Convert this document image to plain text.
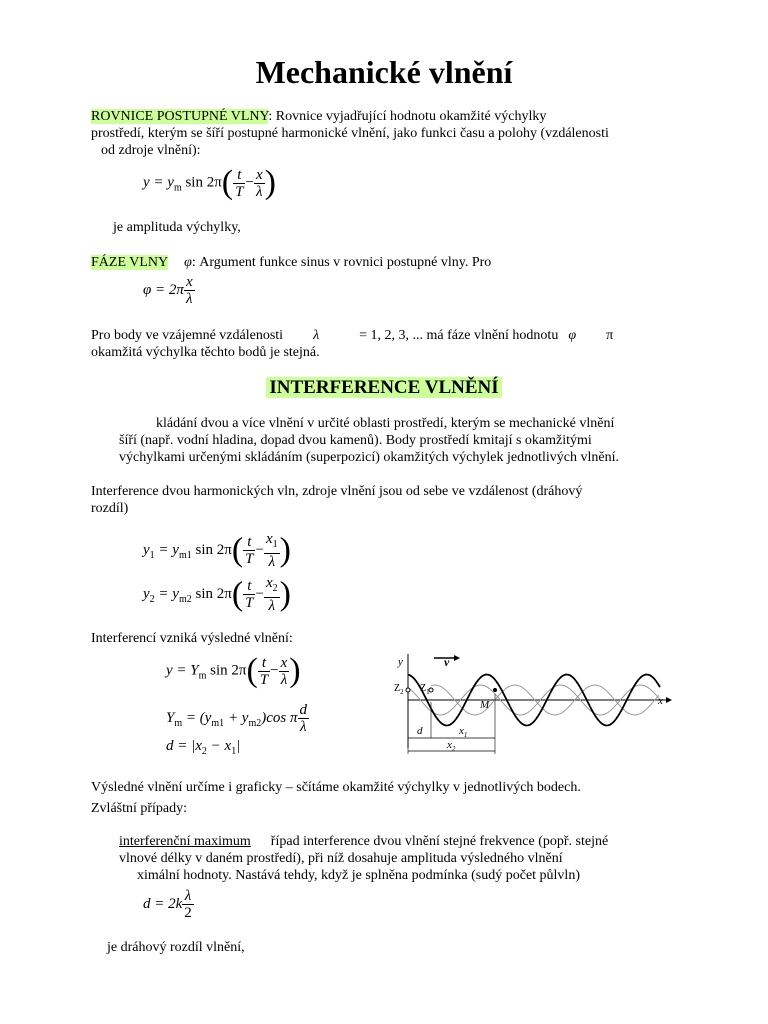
Mechanické vlnění
ROVNICE POSTUPNÉ VLNY: Rovnice vyjadřující hodnotu okamžité výchylky
prostředí, kterým se šíří postupné harmonické vlnění, jako funkci času a polohy (vzdálenosti
od zdroje vlnění):
$y = y_m$ $\sin 2\pi( \frac{t}{T} - \frac{x}{\lambda}$ )
je amplituda výchylky,
FÁZE VLNY φ: Argument funkce sinus v rovnici postupné vlny. Pro
$\varphi = 2\pi \frac{x}{\lambda}$
Pro body ve vzájemné vzdálenosti λ	= 1, 2, 3, ... má fáze vlnění hodnotu φ π
okamžitá výchylka těchto bodů je stejná.
INTERFERENCE VLNĚNÍ
kládání dvou a více vlnění v určité oblasti prostředí, kterým se mechanické vlnění
šíří (např. vodní hladina, dopad dvou kamenů). Body prostředí kmitají s okamžitými
výchylkami určenými skládáním (superpozicí) okamžitých výchylek jednotlivých vlnění.
Interference dvou harmonických vln, zdroje vlnění jsou od sebe ve vzdálenost (dráhový
rozdíl)
$y_1 = y_{m1}$ $\sin 2\pi( \frac{t}{T} - \frac{x_1}{\lambda}$ )
$y_2 = y_{m2}$ $\sin 2\pi( \frac{t}{T} - \frac{x_2}{\lambda}$ )
Interferencí vzniká výsledné vlnění:
$y = Y_m$ $\sin 2\pi( \frac{t}{T} - \frac{x}{\lambda}$ )
$Y_m = (y_{m1} + y_{m2})\cos$ π $\frac{d}{\lambda}$
$d = |x_2 - x_1|$
y	v
x
$Z_2$ $Z_1$
M
d	$x_1$
$x_2$
Výsledné vlnění určíme i graficky – sčítáme okamžité výchylky v jednotlivých bodech.
Zvláštní případy:
interferenční maximum řípad interference dvou vlnění stejné frekvence (popř. stejné
vlnové délky v daném prostředí), při níž dosahuje amplituda výsledného vlnění
ximální hodnoty. Nastává tehdy, když je splněna podmínka (sudý počet půlvln)
$d = 2k \frac{\lambda}{2}$
je dráhový rozdíl vlnění,
